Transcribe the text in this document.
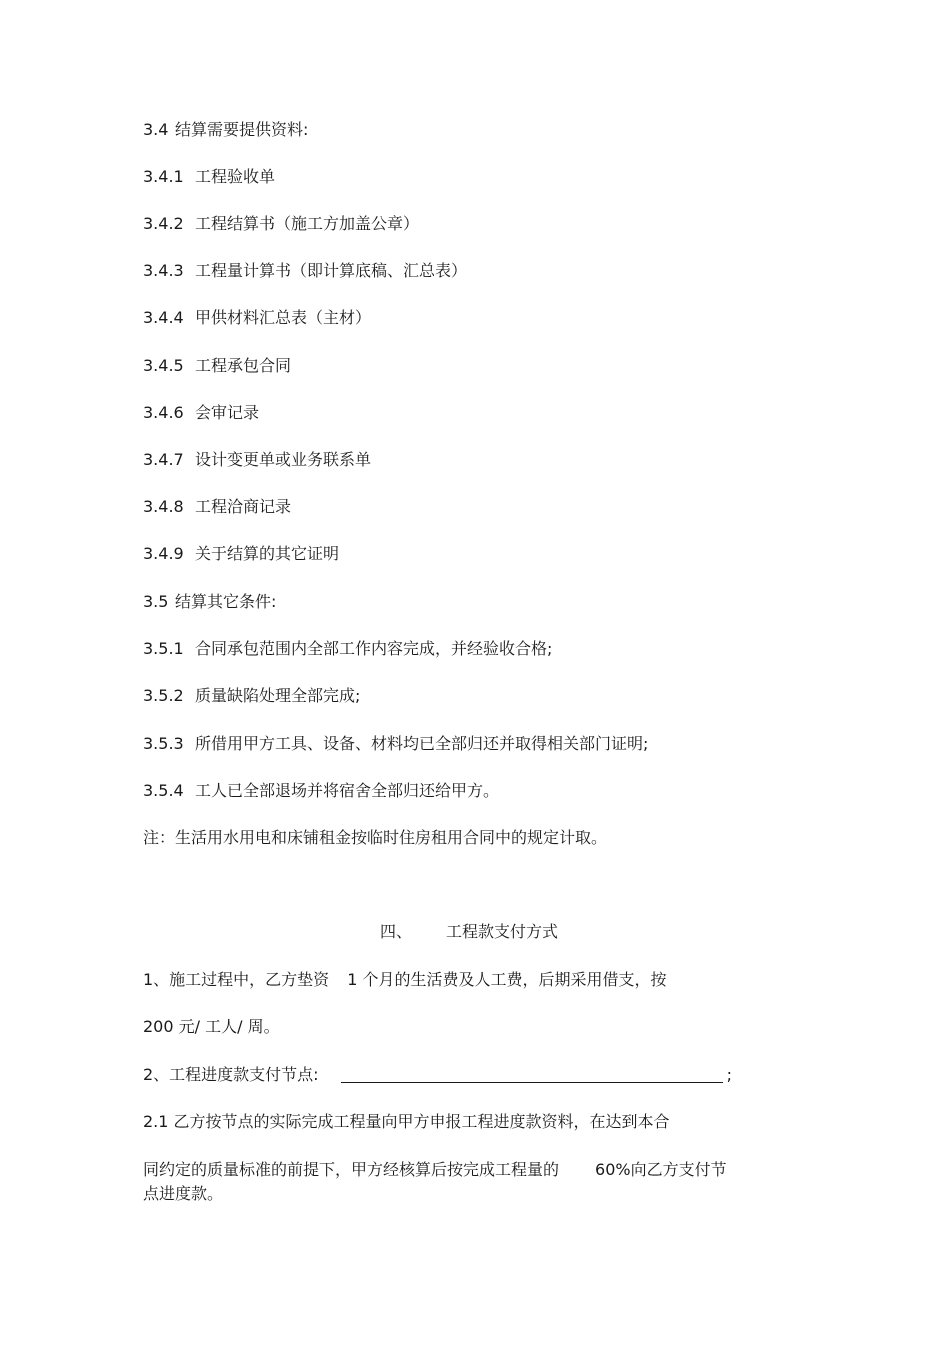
3.4 结算需要提供资料:
3.4.1 工程验收单
3.4.2 工程结算书（施工方加盖公章）
3.4.3 工程量计算书（即计算底稿、汇总表）
3.4.4 甲供材料汇总表（主材）
3.4.5 工程承包合同
3.4.6 会审记录
3.4.7 设计变更单或业务联系单
3.4.8 工程洽商记录
3.4.9 关于结算的其它证明
3.5 结算其它条件:
3.5.1 合同承包范围内全部工作内容完成，并经验收合格;
3.5.2 质量缺陷处理全部完成;
3.5.3 所借用甲方工具、设备、材料均已全部归还并取得相关部门证明;
3.5.4 工人已全部退场并将宿舍全部归还给甲方。
注：生活用水用电和床铺租金按临时住房租用合同中的规定计取。
四、 工程款支付方式
1、施工过程中，乙方垫资 1 个月的生活费及人工费，后期采用借支，按
200 元/ 工人/ 周。
2、工程进度款支付节点:	;
2.1 乙方按节点的实际完成工程量向甲方申报工程进度款资料，在达到本合
同约定的质量标准的前提下，甲方经核算后按完成工程量的 60%向乙方支付节
点进度款。
